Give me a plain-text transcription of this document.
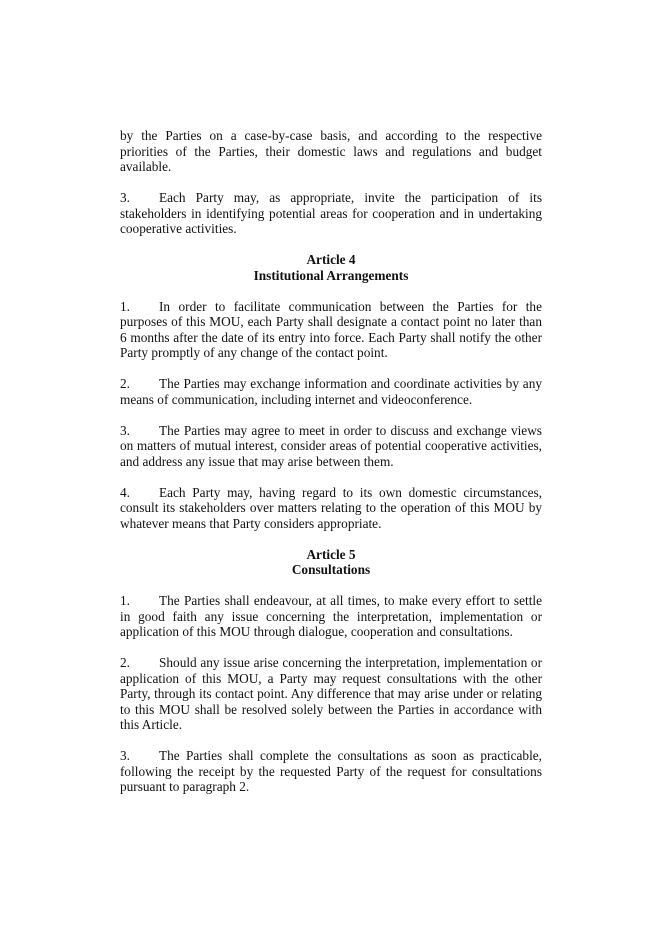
by the Parties on a case-by-case basis, and according to the respective priorities of the Parties, their domestic laws and regulations and budget available.

3. Each Party may, as appropriate, invite the participation of its stakeholders in identifying potential areas for cooperation and in undertaking cooperative activities.

Article 4
Institutional Arrangements

1. In order to facilitate communication between the Parties for the purposes of this MOU, each Party shall designate a contact point no later than 6 months after the date of its entry into force. Each Party shall notify the other Party promptly of any change of the contact point.

2. The Parties may exchange information and coordinate activities by any means of communication, including internet and videoconference.

3. The Parties may agree to meet in order to discuss and exchange views on matters of mutual interest, consider areas of potential cooperative activities, and address any issue that may arise between them.

4. Each Party may, having regard to its own domestic circumstances, consult its stakeholders over matters relating to the operation of this MOU by whatever means that Party considers appropriate.

Article 5
Consultations

1. The Parties shall endeavour, at all times, to make every effort to settle in good faith any issue concerning the interpretation, implementation or application of this MOU through dialogue, cooperation and consultations.

2. Should any issue arise concerning the interpretation, implementation or application of this MOU, a Party may request consultations with the other Party, through its contact point. Any difference that may arise under or relating to this MOU shall be resolved solely between the Parties in accordance with this Article.

3. The Parties shall complete the consultations as soon as practicable, following the receipt by the requested Party of the request for consultations pursuant to paragraph 2.
